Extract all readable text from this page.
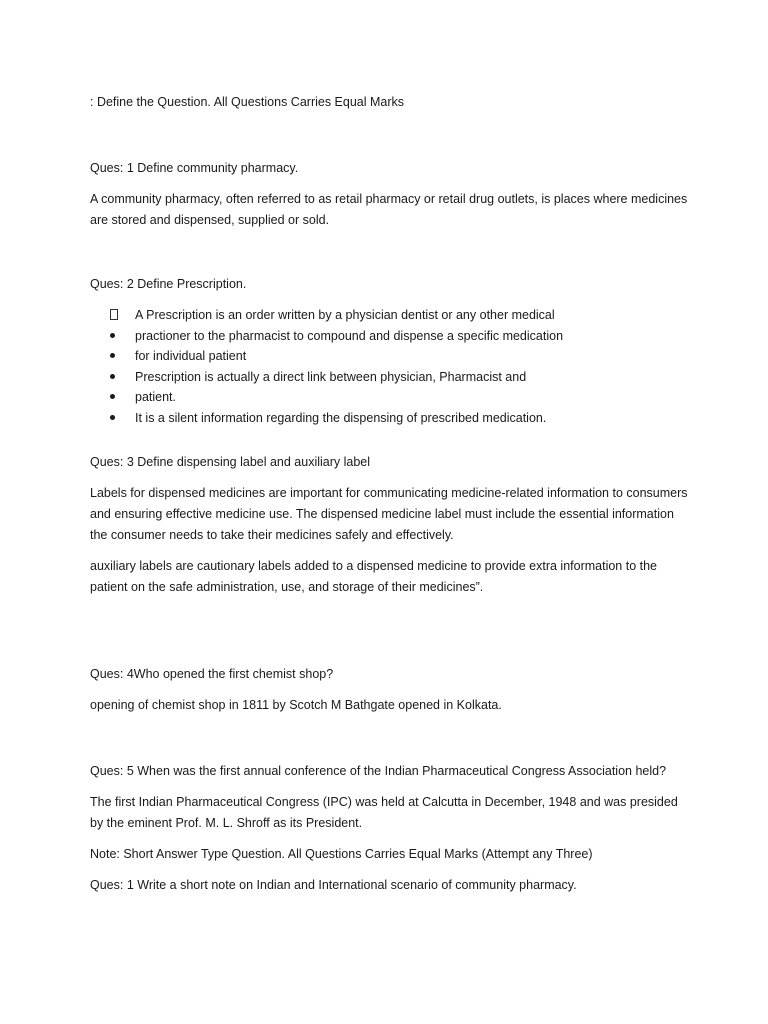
: Define the Question. All Questions Carries Equal Marks

Ques: 1 Define community pharmacy.

A community pharmacy, often referred to as retail pharmacy or retail drug outlets, is places where medicines are stored and dispensed, supplied or sold.

Ques: 2 Define Prescription.

A Prescription is an order written by a physician dentist or any other medical
practioner to the pharmacist to compound and dispense a specific medication
for individual patient
Prescription is actually a direct link between physician, Pharmacist and
patient.
It is a silent information regarding the dispensing of prescribed medication.

Ques: 3 Define dispensing label and auxiliary label

Labels for dispensed medicines are important for communicating medicine-related information to consumers and ensuring effective medicine use. The dispensed medicine label must include the essential information the consumer needs to take their medicines safely and effectively.

auxiliary labels are cautionary labels added to a dispensed medicine to provide extra information to the patient on the safe administration, use, and storage of their medicines”.

Ques: 4Who opened the first chemist shop?

opening of chemist shop in 1811 by Scotch M Bathgate opened in Kolkata.

Ques: 5 When was the first annual conference of the Indian Pharmaceutical Congress Association held?

The first Indian Pharmaceutical Congress (IPC) was held at Calcutta in December, 1948 and was presided by the eminent Prof. M. L. Shroff as its President.

Note: Short Answer Type Question. All Questions Carries Equal Marks (Attempt any Three)

Ques: 1 Write a short note on Indian and International scenario of community pharmacy.
